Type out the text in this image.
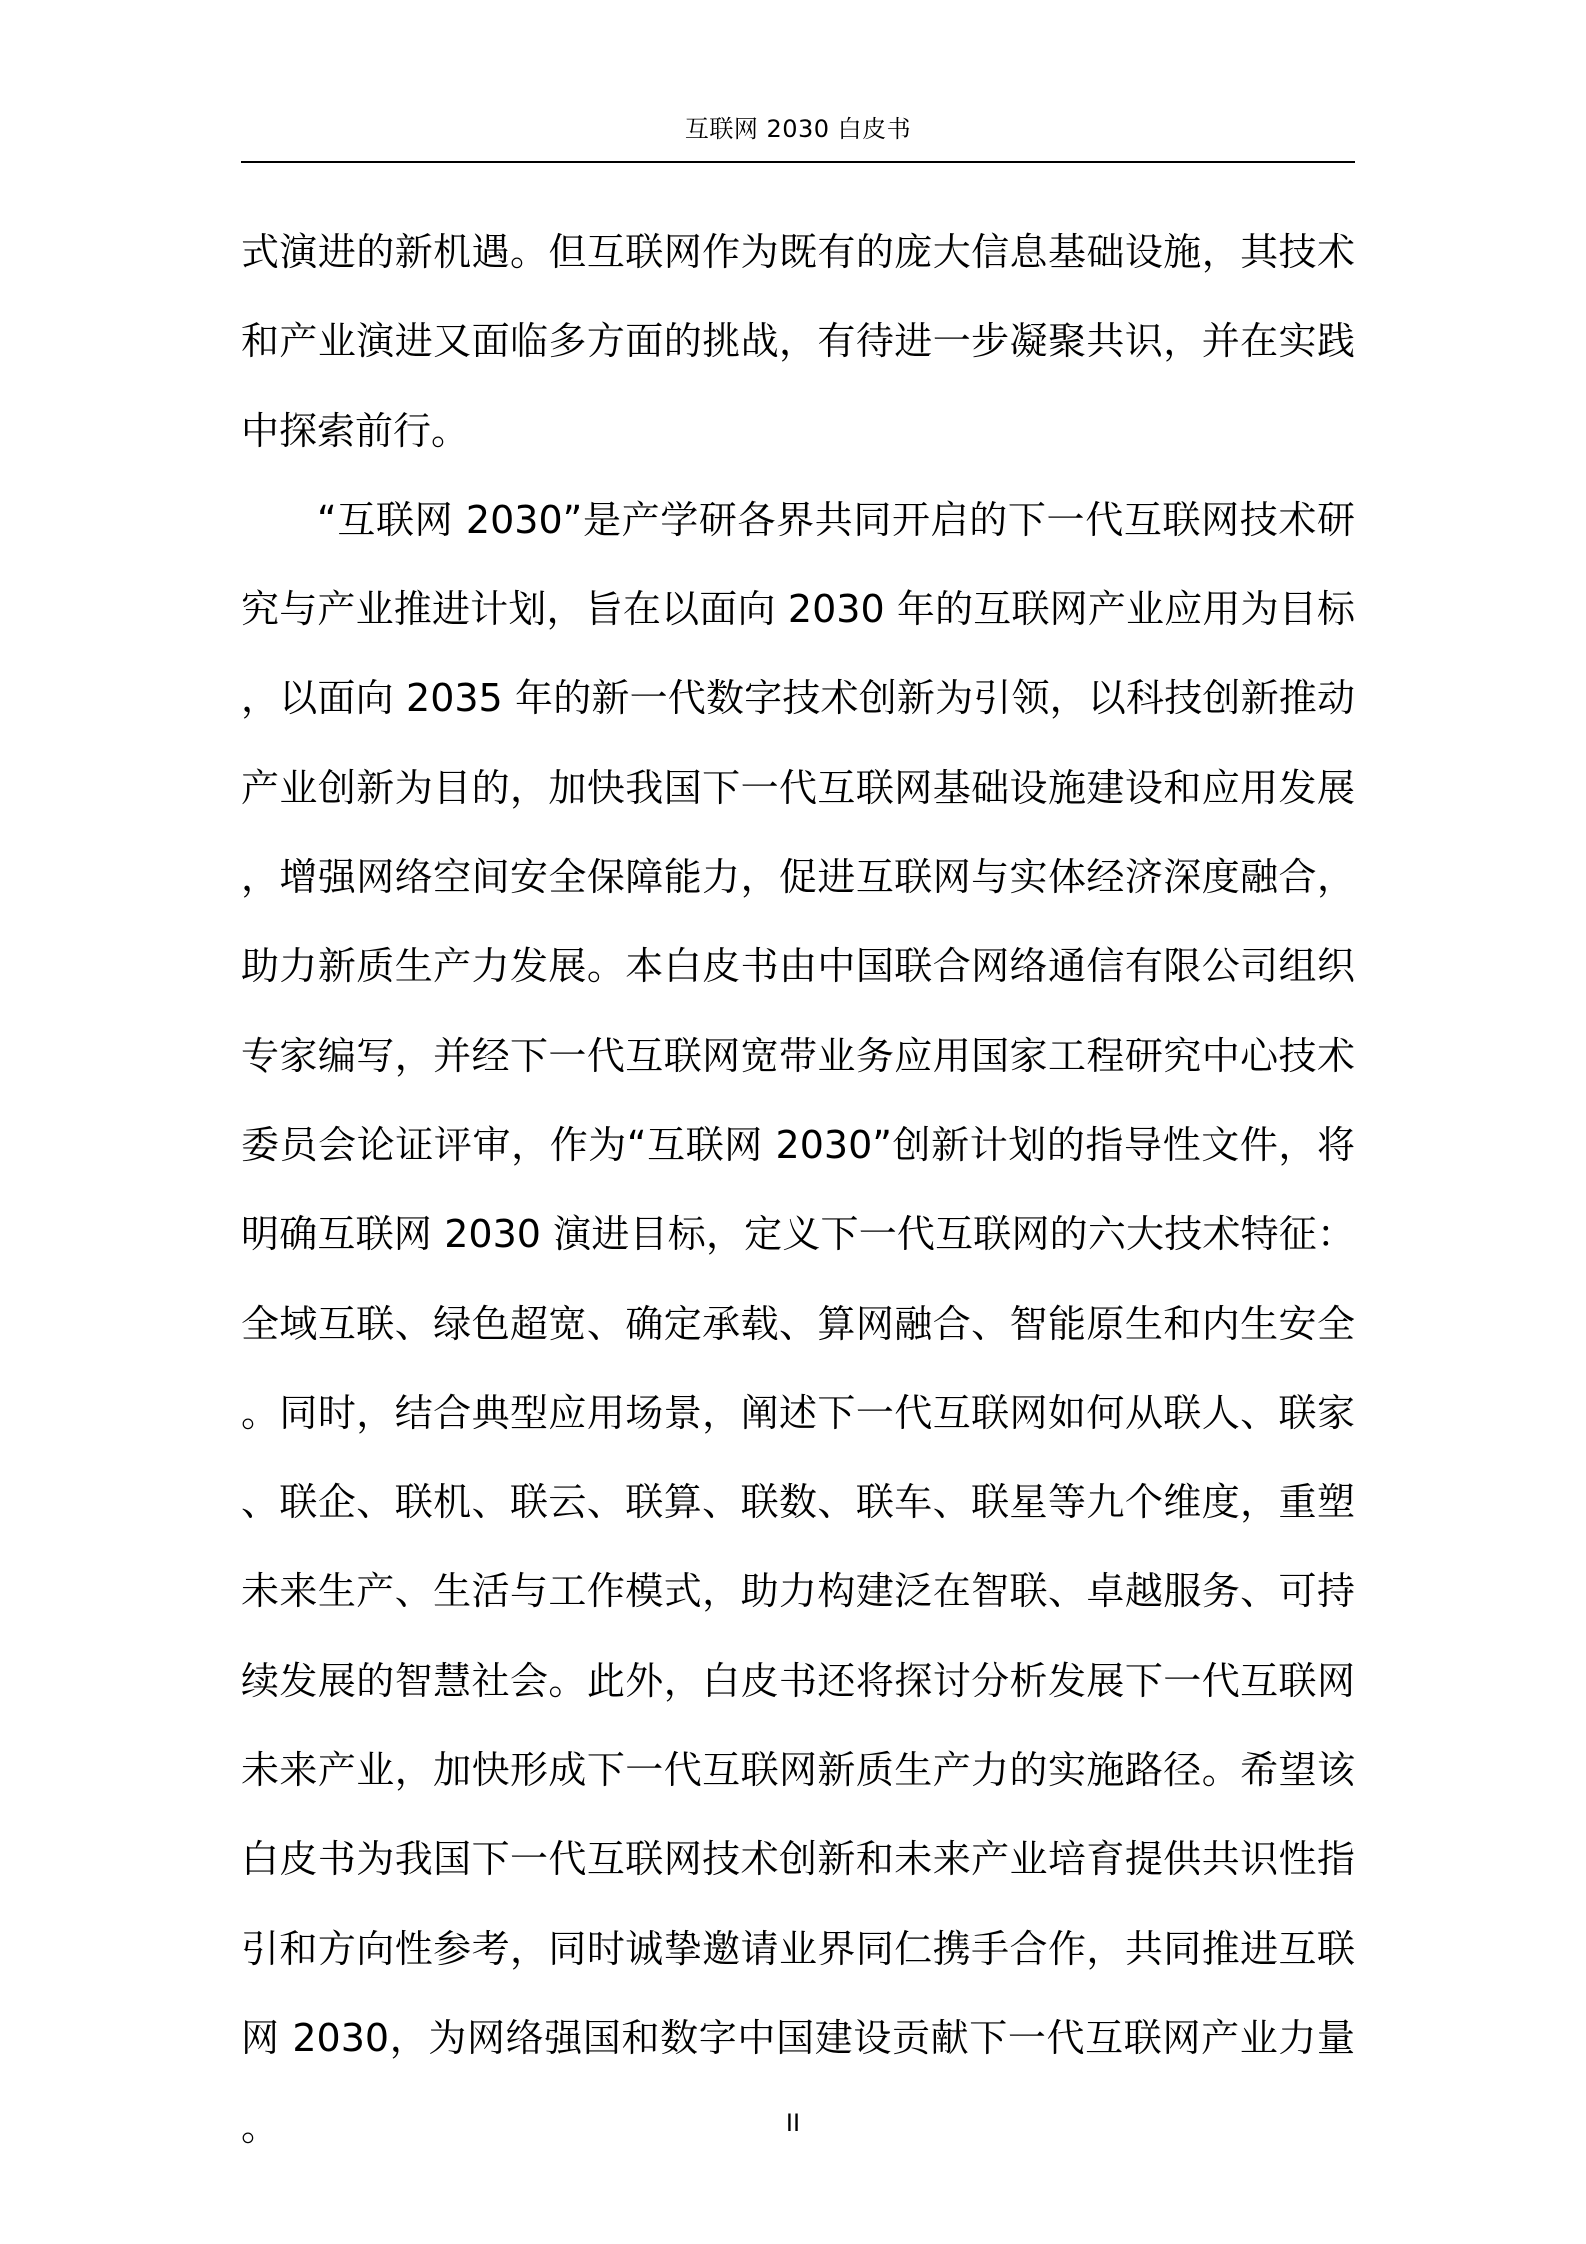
互联网 2030 白皮书

式演进的新机遇。但互联网作为既有的庞大信息基础设施，其技术和产业演进又面临多方面的挑战，有待进一步凝聚共识，并在实践中探索前行。

“互联网 2030”是产学研各界共同开启的下一代互联网技术研究与产业推进计划，旨在以面向 2030 年的互联网产业应用为目标，以面向 2035 年的新一代数字技术创新为引领，以科技创新推动产业创新为目的，加快我国下一代互联网基础设施建设和应用发展，增强网络空间安全保障能力，促进互联网与实体经济深度融合，助力新质生产力发展。本白皮书由中国联合网络通信有限公司组织专家编写，并经下一代互联网宽带业务应用国家工程研究中心技术委员会论证评审，作为“互联网 2030”创新计划的指导性文件，将明确互联网 2030 演进目标，定义下一代互联网的六大技术特征：全域互联、绿色超宽、确定承载、算网融合、智能原生和内生安全。同时，结合典型应用场景，阐述下一代互联网如何从联人、联家、联企、联机、联云、联算、联数、联车、联星等九个维度，重塑未来生产、生活与工作模式，助力构建泛在智联、卓越服务、可持续发展的智慧社会。此外，白皮书还将探讨分析发展下一代互联网未来产业，加快形成下一代互联网新质生产力的实施路径。希望该白皮书为我国下一代互联网技术创新和未来产业培育提供共识性指引和方向性参考，同时诚挚邀请业界同仁携手合作，共同推进互联网 2030，为网络强国和数字中国建设贡献下一代互联网产业力量。	II
